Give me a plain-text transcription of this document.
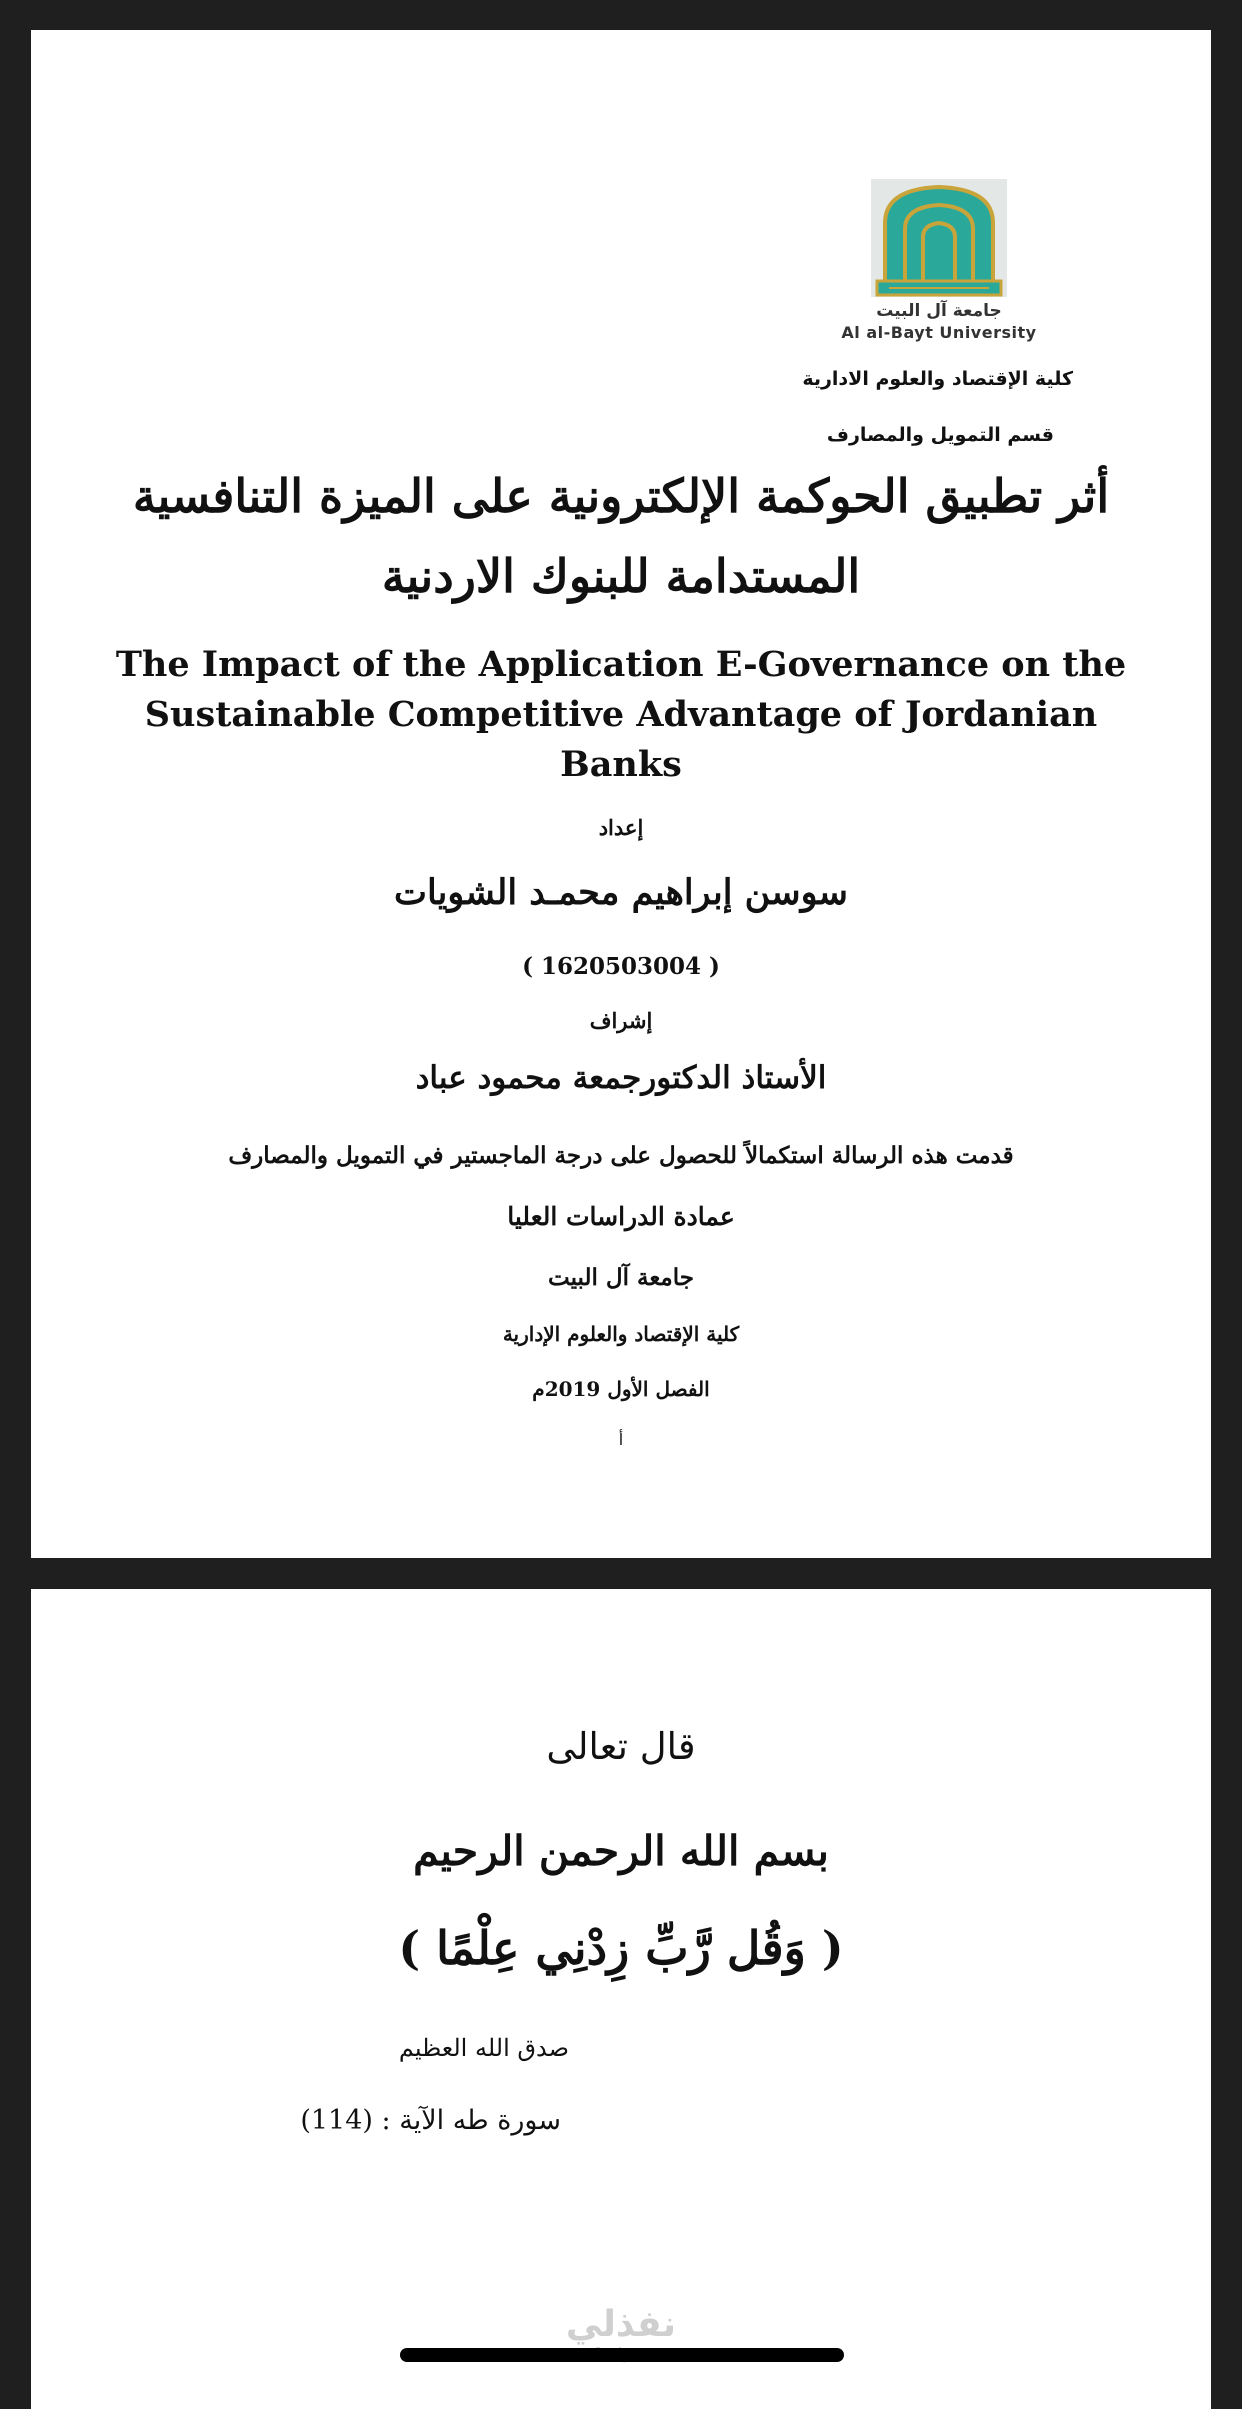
جامعة آل البيت
Al al-Bayt University
كلية الإقتصاد والعلوم الادارية
قسم التمويل والمصارف
أثر تطبيق الحوكمة الإلكترونية على الميزة التنافسية
المستدامة للبنوك الاردنية
The Impact of the Application E-Governance on the
Sustainable Competitive Advantage of Jordanian
Banks
إعداد
سوسن إبراهيم محمـد الشويات
( 1620503004 )
إشراف
الأستاذ الدكتورجمعة محمود عباد
قدمت هذه الرسالة استكمالاً للحصول على درجة الماجستير في التمويل والمصارف
عمادة الدراسات العليا
جامعة آل البيت
كلية الإقتصاد والعلوم الإدارية
الفصل الأول 2019م
أ
قال تعالى
بسم الله الرحمن الرحيم
( وَقُل رَّبِّ زِدْنِي عِلْمًا )
صدق الله العظيم
سورة طه الآية : (114)
نفذلي
